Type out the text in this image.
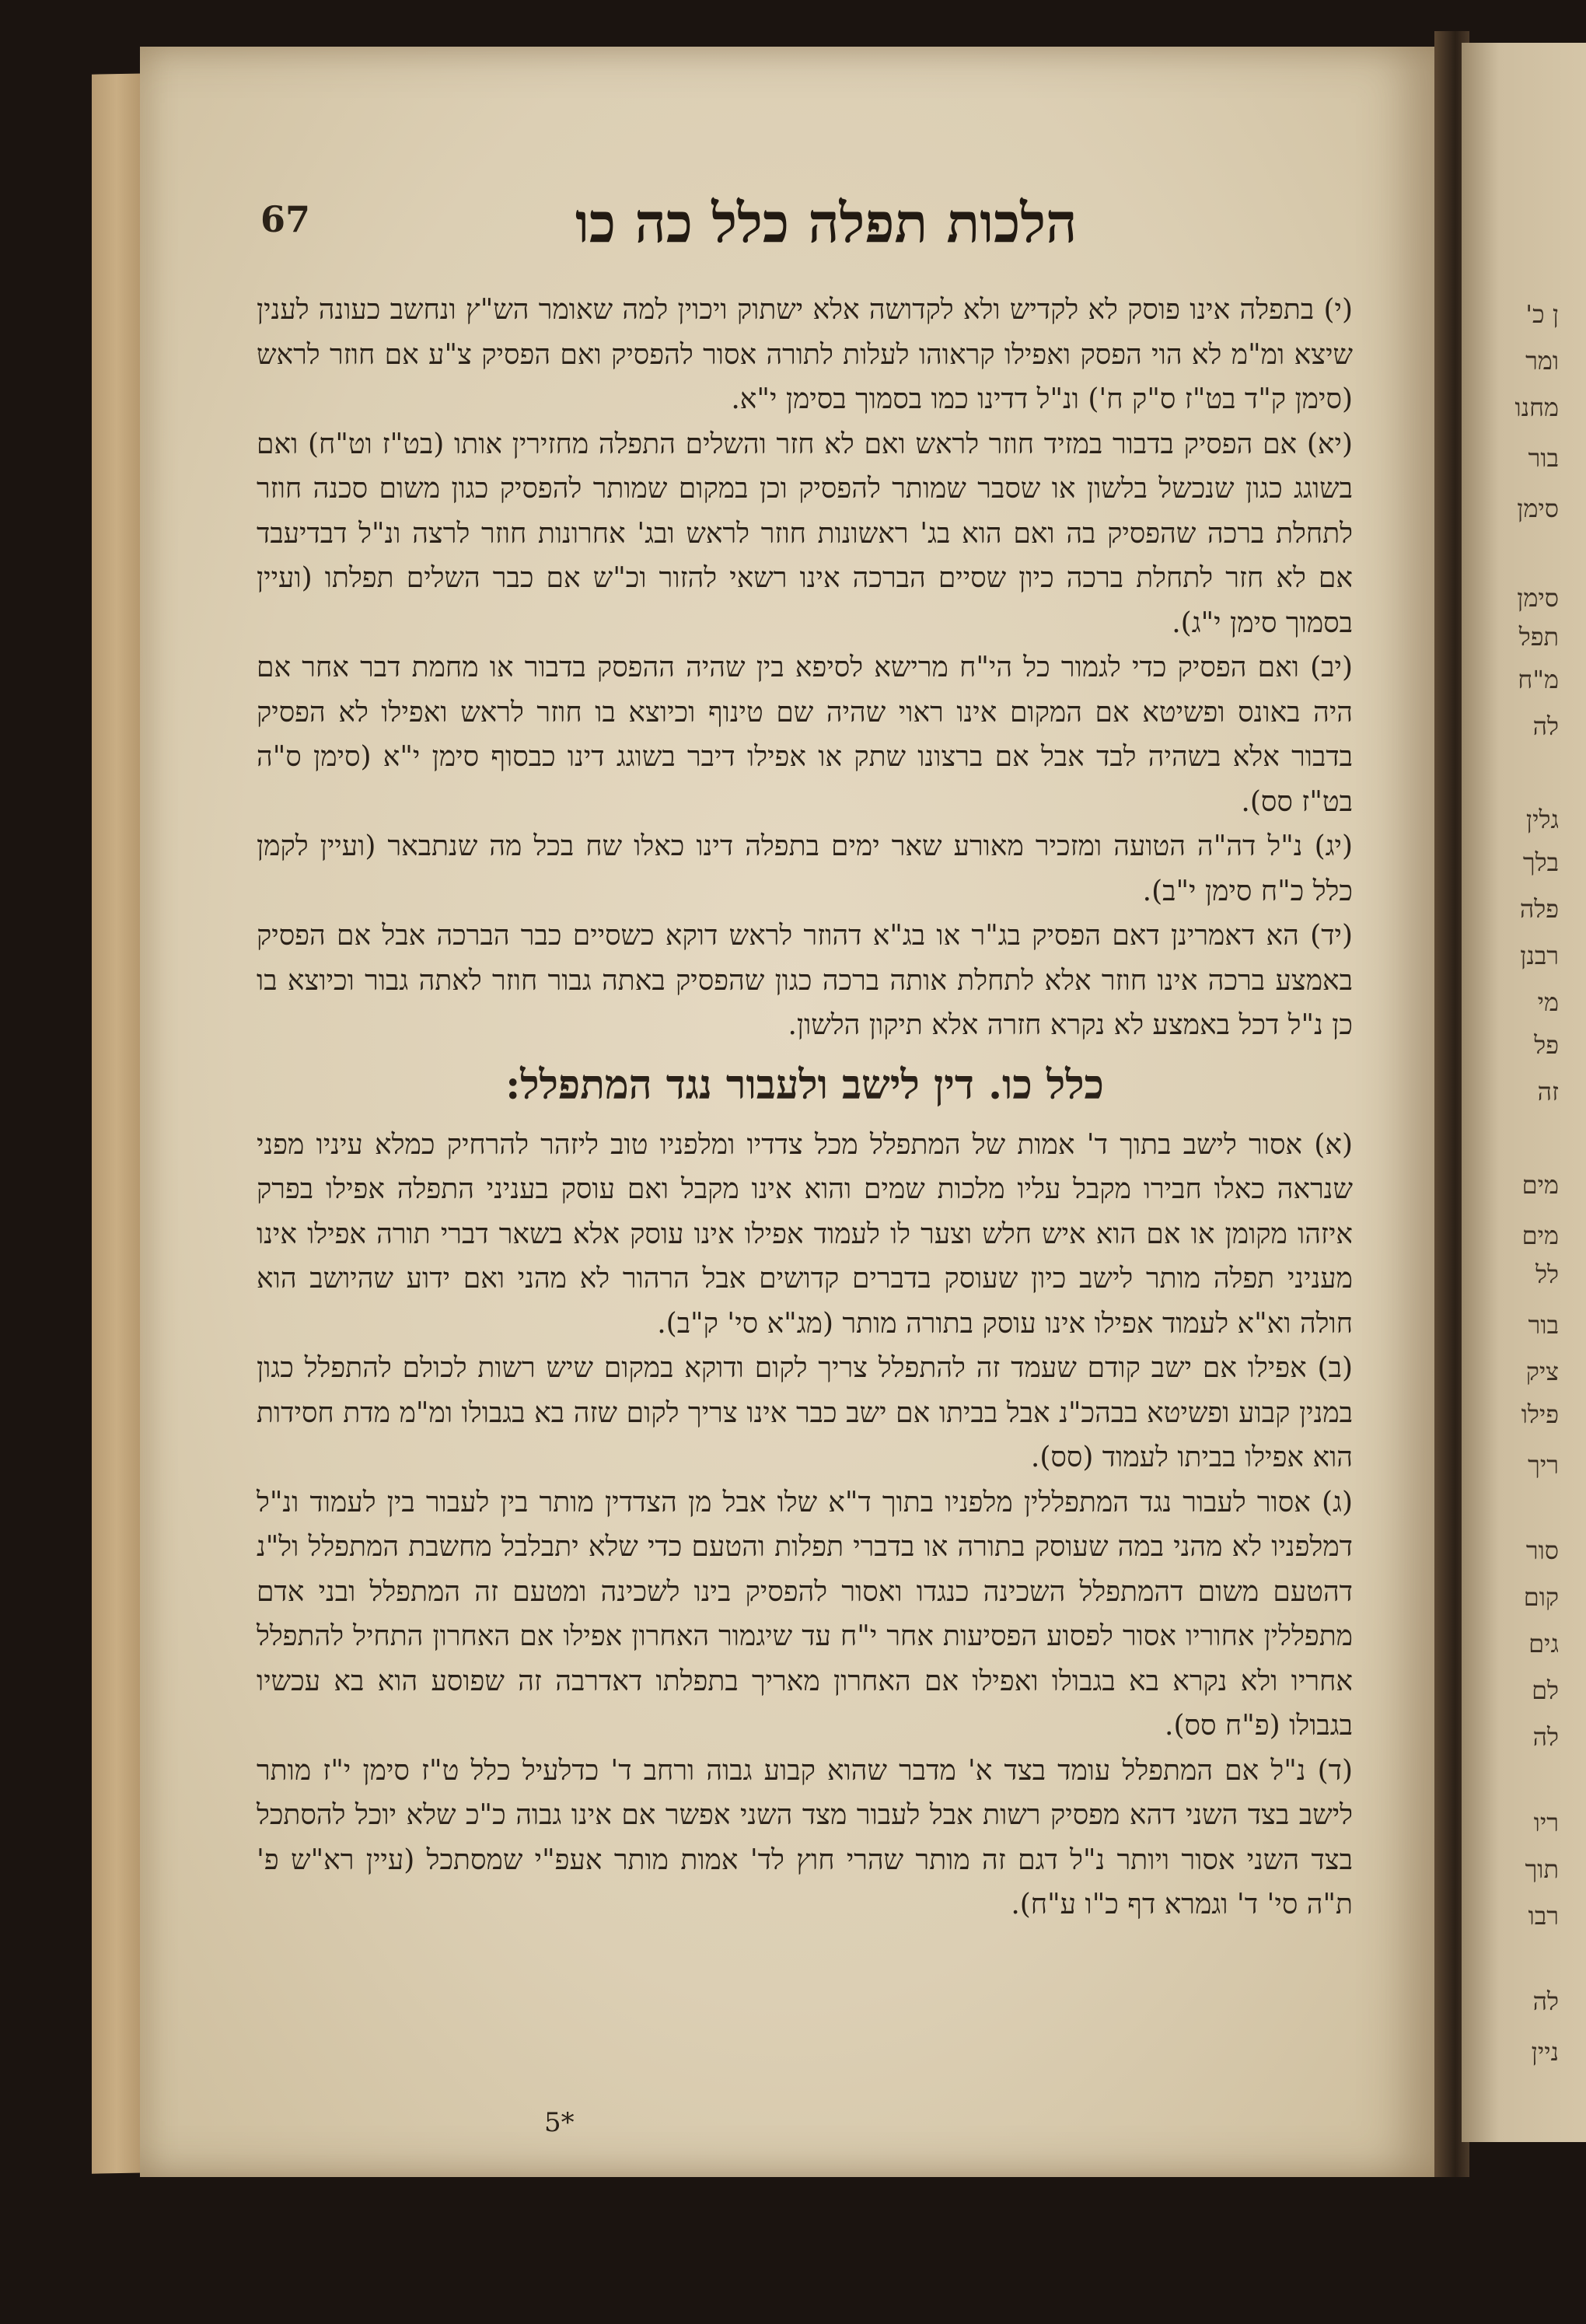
67	הלכות תפלה כלל כה כו

(י) בתפלה אינו פוסק לא לקדיש ולא לקדושה אלא ישתוק ויכוין למה שאומר הש"ץ ונחשב כעונה לענין שיצא ומ"מ לא הוי הפסק ואפילו קראוהו לעלות לתורה אסור להפסיק ואם הפסיק צ"ע אם חוזר לראש (סימן ק"ד בט"ז ס"ק ח') ונ"ל דדינו כמו בסמוך בסימן י"א.

(יא) אם הפסיק בדבור במזיד חוזר לראש ואם לא חזר והשלים התפלה מחזירין אותו (בט"ז וט"ח) ואם בשוגג כגון שנכשל בלשון או שסבר שמותר להפסיק וכן במקום שמותר להפסיק כגון משום סכנה חוזר לתחלת ברכה שהפסיק בה ואם הוא בג' ראשונות חוזר לראש ובג' אחרונות חוזר לרצה ונ"ל דבדיעבד אם לא חזר לתחלת ברכה כיון שסיים הברכה אינו רשאי להזור וכ"ש אם כבר השלים תפלתו (ועיין בסמוך סימן י"ג).

(יב) ואם הפסיק כדי לגמור כל הי"ח מרישא לסיפא בין שהיה ההפסק בדבור או מחמת דבר אחר אם היה באונס ופשיטא אם המקום אינו ראוי שהיה שם טינוף וכיוצא בו חוזר לראש ואפילו לא הפסיק בדבור אלא בשהיה לבד אבל אם ברצונו שתק או אפילו דיבר בשוגג דינו כבסוף סימן י"א (סימן ס"ה בט"ז סס).

(יג) נ"ל דה"ה הטועה ומזכיר מאורע שאר ימים בתפלה דינו כאלו שח בכל מה שנתבאר (ועיין לקמן כלל כ"ח סימן י"ב).

(יד) הא דאמרינן דאם הפסיק בג"ר או בג"א דהוזר לראש דוקא כשסיים כבר הברכה אבל אם הפסיק באמצע ברכה אינו חוזר אלא לתחלת אותה ברכה כגון שהפסיק באתה גבור חוזר לאתה גבור וכיוצא בו כן נ"ל דכל באמצע לא נקרא חזרה אלא תיקון הלשון.

כלל כו. דין לישב ולעבור נגד המתפלל:

(א) אסור לישב בתוך ד' אמות של המתפלל מכל צדדיו ומלפניו טוב ליזהר להרחיק כמלא עיניו מפני שנראה כאלו חבירו מקבל עליו מלכות שמים והוא אינו מקבל ואם עוסק בעניני התפלה אפילו בפרק איזהו מקומן או אם הוא איש חלש וצער לו לעמוד אפילו אינו עוסק אלא בשאר דברי תורה אפילו אינו מעניני תפלה מותר לישב כיון שעוסק בדברים קדושים אבל הרהור לא מהני ואם ידוע שהיושב הוא חולה וא"א לעמוד אפילו אינו עוסק בתורה מותר (מג"א סי' ק"ב).

(ב) אפילו אם ישב קודם שעמד זה להתפלל צריך לקום ודוקא במקום שיש רשות לכולם להתפלל כגון במנין קבוע ופשיטא בבהכ"נ אבל בביתו אם ישב כבר אינו צריך לקום שזה בא בגבולו ומ"מ מדת חסידות הוא אפילו בביתו לעמוד (סס).

(ג) אסור לעבור נגד המתפללין מלפניו בתוך ד"א שלו אבל מן הצדדין מותר בין לעבור בין לעמוד ונ"ל דמלפניו לא מהני במה שעוסק בתורה או בדברי תפלות והטעם כדי שלא יתבלבל מחשבת המתפלל ול"נ דהטעם משום דהמתפלל השכינה כנגדו ואסור להפסיק בינו לשכינה ומטעם זה המתפלל ובני אדם מתפללין אחוריו אסור לפסוע הפסיעות אחר י"ח עד שיגמור האחרון אפילו אם האחרון התחיל להתפלל אחריו ולא נקרא בא בגבולו ואפילו אם האחרון מאריך בתפלתו דאדרבה זה שפוסע הוא בא עכשיו בגבולו (פ"ח סס).

(ד) נ"ל אם המתפלל עומד בצד א' מדבר שהוא קבוע גבוה ורחב ד' כדלעיל כלל ט"ז סימן י"ז מותר לישב בצד השני דהא מפסיק רשות אבל לעבור מצד השני אפשר אם אינו גבוה כ"כ שלא יוכל להסתכל בצד השני אסור ויותר נ"ל דגם זה מותר שהרי חוץ לד' אמות מותר אעפ"י שמסתכל (עיין רא"ש פ' ת"ה סי' ד' וגמרא דף כ"ו ע"ח).

5*
ן כ'
ומר
מחנו
בור
סימן
סימן
תפל
מ"ח
לה
גלין
בלך
פלה
רבנן
מי
פל
זה
מים
מים
לל
בור
ציק
פילו
ריך
סור
קום
גים
לם
לה
ריו
תוך
רבו
לה
ניין
